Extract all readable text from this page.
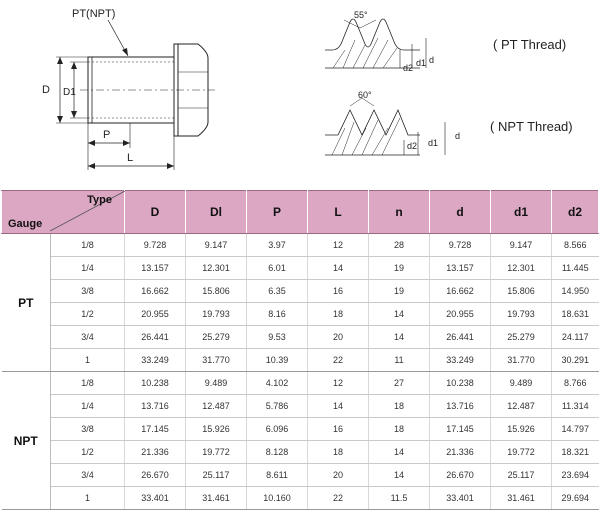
PT(NPT)
D D1
P
L
55°
d2 d1 d
60°
d2 d1
d
( PT Thread)
( NPT Thread)
Type
Gauge		D	Dl	P	L	n	d	d1	d2
PT	1/8	9.728	9.147	3.97	12	28	9.728	9.147	8.566
	1/4	13.157	12.301	6.01	14	19	13.157	12.301	11.445
	3/8	16.662	15.806	6.35	16	19	16.662	15.806	14.950
	1/2	20.955	19.793	8.16	18	14	20.955	19.793	18.631
	3/4	26.441	25.279	9.53	20	14	26.441	25.279	24.117
	1	33.249	31.770	10.39	22	11	33.249	31.770	30.291
NPT	1/8	10.238	9.489	4.102	12	27	10.238	9.489	8.766
	1/4	13.716	12.487	5.786	14	18	13.716	12.487	11.314
	3/8	17.145	15.926	6.096	16	18	17.145	15.926	14.797
	1/2	21.336	19.772	8.128	18	14	21.336	19.772	18.321
	3/4	26.670	25.117	8.611	20	14	26.670	25.117	23.694
	1	33.401	31.461	10.160	22	11.5	33.401	31.461	29.694
